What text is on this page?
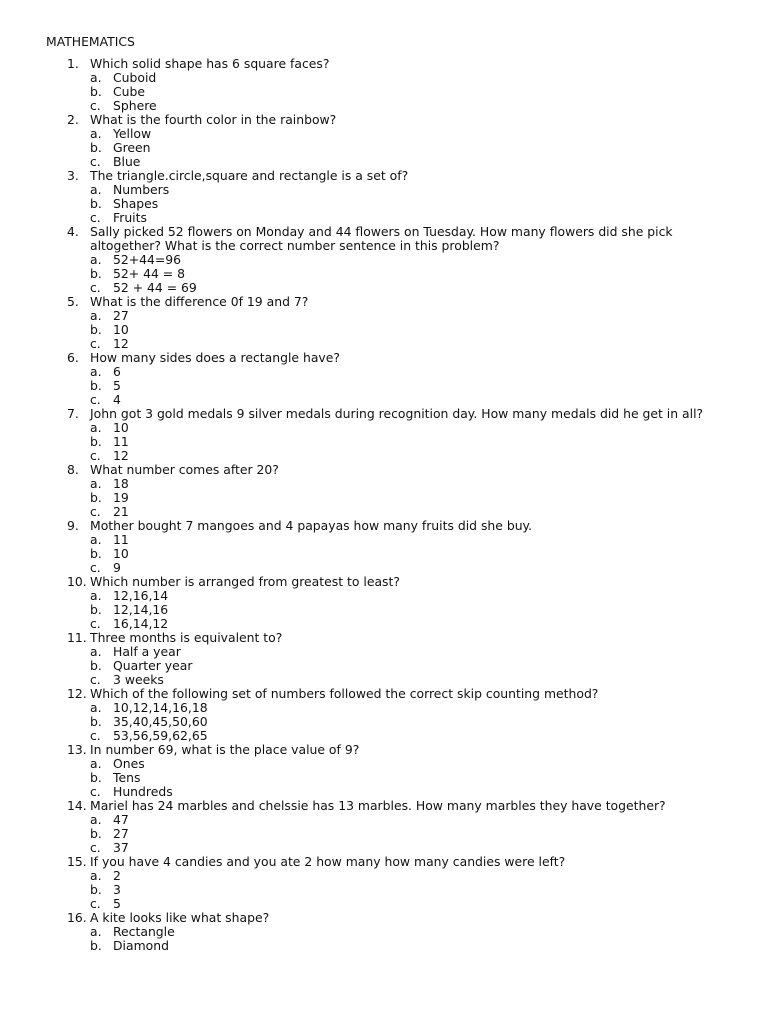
MATHEMATICS
1. Which solid shape has 6 square faces?
a. Cuboid
b. Cube
c. Sphere
2. What is the fourth color in the rainbow?
a. Yellow
b. Green
c. Blue
3. The triangle.circle,square and rectangle is a set of?
a. Numbers
b. Shapes
c. Fruits
4. Sally picked 52 flowers on Monday and 44 flowers on Tuesday. How many flowers did she pick altogether? What is the correct number sentence in this problem?
a. 52+44=96
b. 52+ 44 = 8
c. 52 + 44 = 69
5. What is the difference 0f 19 and 7?
a. 27
b. 10
c. 12
6. How many sides does a rectangle have?
a. 6
b. 5
c. 4
7. John got 3 gold medals 9 silver medals during recognition day. How many medals did he get in all?
a. 10
b. 11
c. 12
8. What number comes after 20?
a. 18
b. 19
c. 21
9. Mother bought 7 mangoes and 4 papayas how many fruits did she buy.
a. 11
b. 10
c. 9
10. Which number is arranged from greatest to least?
a. 12,16,14
b. 12,14,16
c. 16,14,12
11. Three months is equivalent to?
a. Half a year
b. Quarter year
c. 3 weeks
12. Which of the following set of numbers followed the correct skip counting method?
a. 10,12,14,16,18
b. 35,40,45,50,60
c. 53,56,59,62,65
13. In number 69, what is the place value of 9?
a. Ones
b. Tens
c. Hundreds
14. Mariel has 24 marbles and chelssie has 13 marbles. How many marbles they have together?
a. 47
b. 27
c. 37
15. If you have 4 candies and you ate 2 how many how many candies were left?
a. 2
b. 3
c. 5
16. A kite looks like what shape?
a. Rectangle
b. Diamond
